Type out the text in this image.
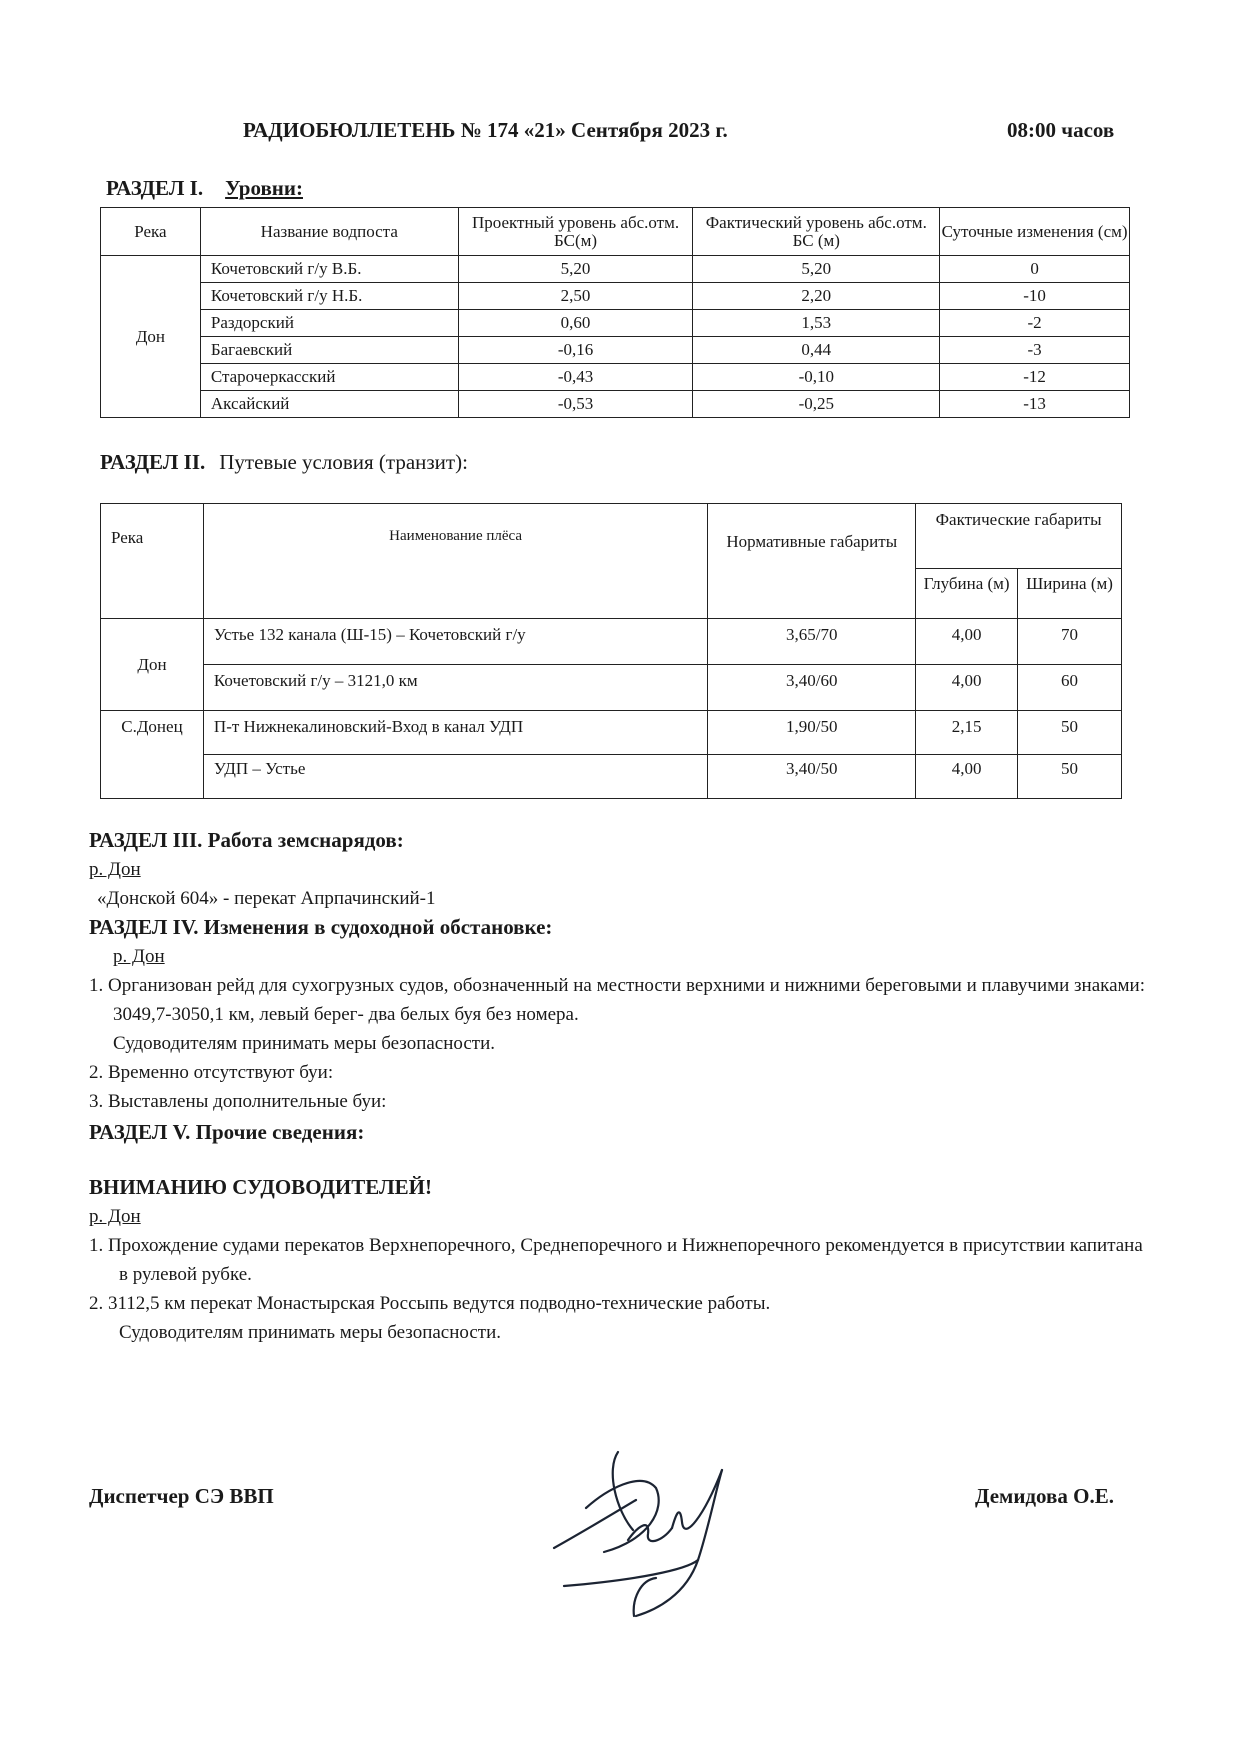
РАДИОБЮЛЛЕТЕНЬ № 174 «21» Сентября 2023 г.	08:00 часов
РАЗДЕЛ I. Уровни:
Река	Название водпоста	Проектный уровень абс.отм. БС(м)	Фактический уровень абс.отм. БС (м)	Суточные изменения (см)
Дон	Кочетовский г/у В.Б.	5,20	5,20	0
	Кочетовский г/у Н.Б.	2,50	2,20	-10
	Раздорский	0,60	1,53	-2
	Багаевский	-0,16	0,44	-3
	Старочеркасский	-0,43	-0,10	-12
	Аксайский	-0,53	-0,25	-13
РАЗДЕЛ II. Путевые условия (транзит):
Река	Наименование плёса	Нормативные габариты	Фактические габариты	
			Глубина (м)	Ширина (м)
Дон	Устье 132 канала (Ш-15) – Кочетовский г/у	3,65/70	4,00	70
	Кочетовский г/у – 3121,0 км	3,40/60	4,00	60
С.Донец	П-т Нижнекалиновский-Вход в канал УДП	1,90/50	2,15	50
	УДП – Устье	3,40/50	4,00	50
РАЗДЕЛ III. Работа земснарядов:
р. Дон
«Донской 604» - перекат Апрпачинский-1
РАЗДЕЛ IV. Изменения в судоходной обстановке:
р. Дон
1. Организован рейд для сухогрузных судов, обозначенный на местности верхними и нижними береговыми и плавучими знаками:
3049,7-3050,1 км, левый берег- два белых буя без номера.
Судоводителям принимать меры безопасности.
2. Временно отсутствуют буи:
3. Выставлены дополнительные буи:
РАЗДЕЛ V. Прочие сведения:
ВНИМАНИЮ СУДОВОДИТЕЛЕЙ!
р. Дон
1. Прохождение судами перекатов Верхнепоречного, Среднепоречного и Нижнепоречного рекомендуется в присутствии капитана в рулевой рубке.
2. 3112,5 км перекат Монастырская Россыпь ведутся подводно-технические работы.
Судоводителям принимать меры безопасности.
Диспетчер СЭ ВВП	Демидова О.Е.
